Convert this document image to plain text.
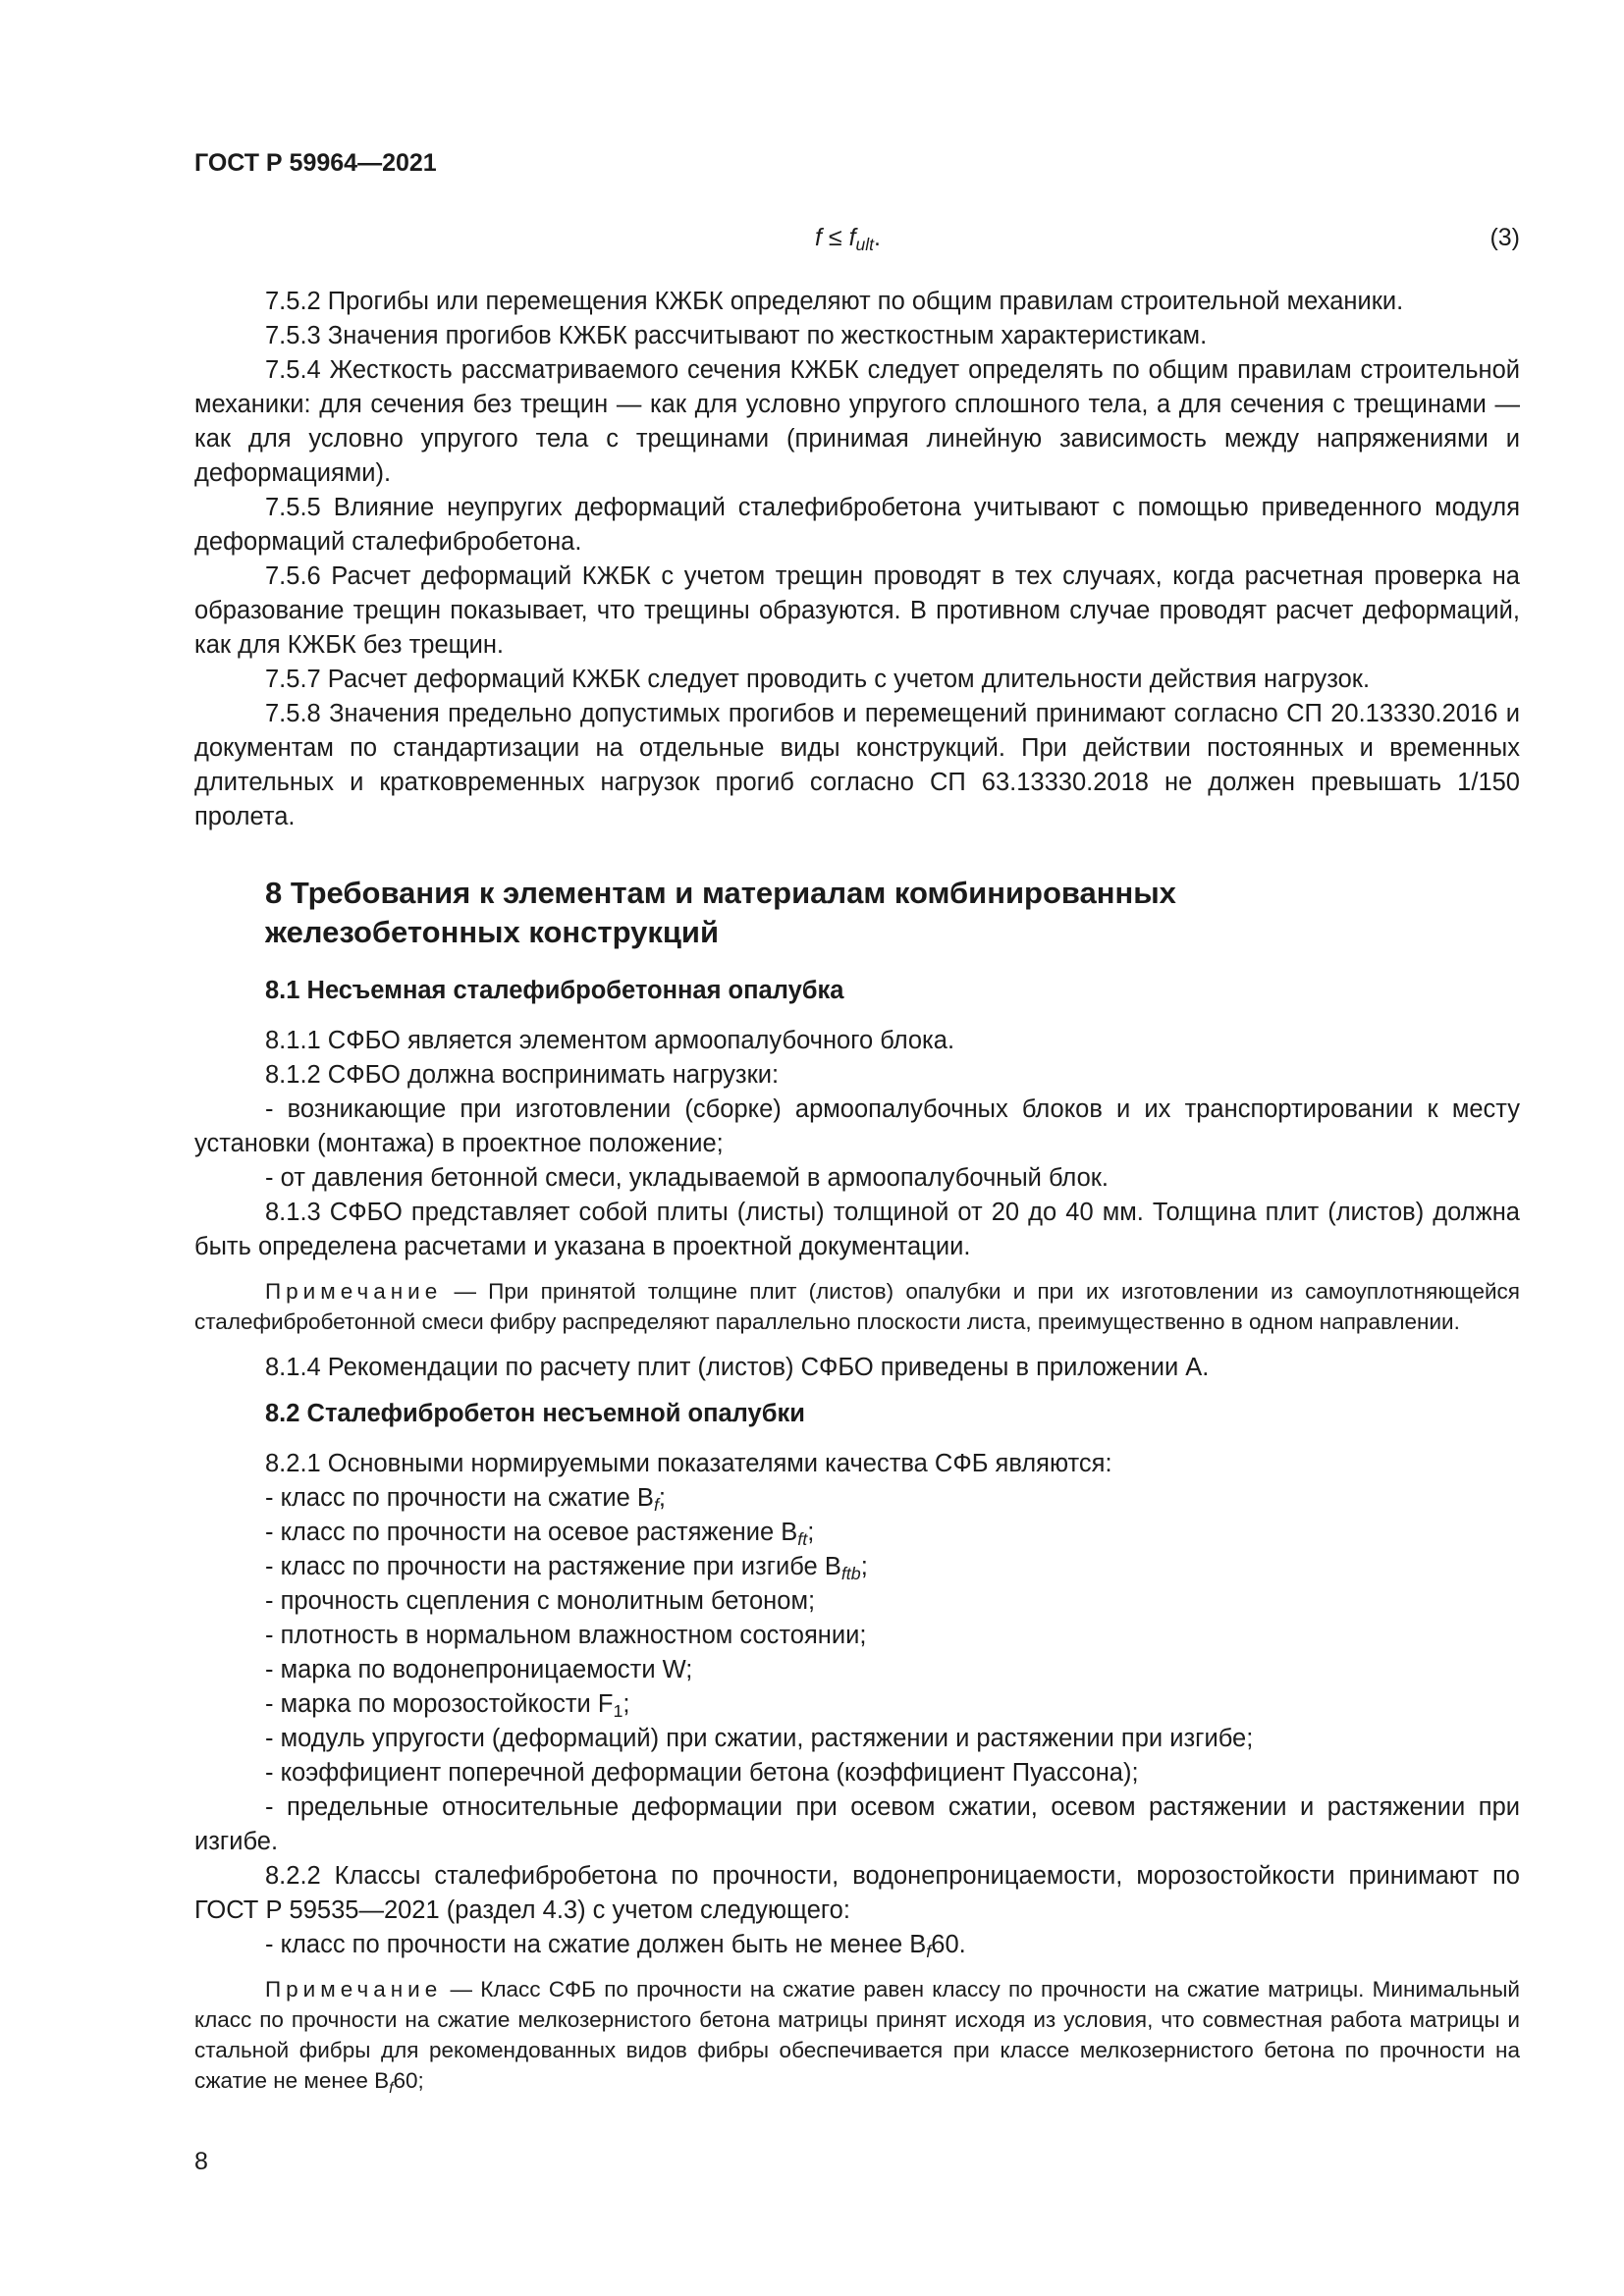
ГОСТ Р 59964—2021

$f \le f_{ult}$.	(3)

7.5.2 Прогибы или перемещения КЖБК определяют по общим правилам строительной механики.

7.5.3 Значения прогибов КЖБК рассчитывают по жесткостным характеристикам.

7.5.4 Жесткость рассматриваемого сечения КЖБК следует определять по общим правилам строительной механики: для сечения без трещин — как для условно упругого сплошного тела, а для сечения с трещинами — как для условно упругого тела с трещинами (принимая линейную зависимость между напряжениями и деформациями).

7.5.5 Влияние неупругих деформаций сталефибробетона учитывают с помощью приведенного модуля деформаций сталефибробетона.

7.5.6 Расчет деформаций КЖБК с учетом трещин проводят в тех случаях, когда расчетная проверка на образование трещин показывает, что трещины образуются. В противном случае проводят расчет деформаций, как для КЖБК без трещин.

7.5.7 Расчет деформаций КЖБК следует проводить с учетом длительности действия нагрузок.

7.5.8 Значения предельно допустимых прогибов и перемещений принимают согласно СП 20.13330.2016 и документам по стандартизации на отдельные виды конструкций. При действии постоянных и временных длительных и кратковременных нагрузок прогиб согласно СП 63.13330.2018 не должен превышать 1/150 пролета.

8 Требования к элементам и материалам комбинированных
железобетонных конструкций
8.1 Несъемная сталефибробетонная опалубка

8.1.1 СФБО является элементом армоопалубочного блока.

8.1.2 СФБО должна воспринимать нагрузки:

- возникающие при изготовлении (сборке) армоопалубочных блоков и их транспортировании к месту установки (монтажа) в проектное положение;

- от давления бетонной смеси, укладываемой в армоопалубочный блок.

8.1.3 СФБО представляет собой плиты (листы) толщиной от 20 до 40 мм. Толщина плит (листов) должна быть определена расчетами и указана в проектной документации.

Примечание — При принятой толщине плит (листов) опалубки и при их изготовлении из самоуплотняющейся сталефибробетонной смеси фибру распределяют параллельно плоскости листа, преимущественно в одном направлении.

8.1.4 Рекомендации по расчету плит (листов) СФБО приведены в приложении А.

8.2 Сталефибробетон несъемной опалубки

8.2.1 Основными нормируемыми показателями качества СФБ являются:

- класс по прочности на сжатие $В_f$;

- класс по прочности на осевое растяжение $В_{ft}$;

- класс по прочности на растяжение при изгибе $В_{ftb}$;

- прочность сцепления с монолитным бетоном;

- плотность в нормальном влажностном состоянии;

- марка по водонепроницаемости W;

- марка по морозостойкости $F_1$;

- модуль упругости (деформаций) при сжатии, растяжении и растяжении при изгибе;

- коэффициент поперечной деформации бетона (коэффициент Пуассона);

- предельные относительные деформации при осевом сжатии, осевом растяжении и растяжении при изгибе.

8.2.2 Классы сталефибробетона по прочности, водонепроницаемости, морозостойкости принимают по ГОСТ Р 59535—2021 (раздел 4.3) с учетом следующего:

- класс по прочности на сжатие должен быть не менее $В_f60$.

Примечание — Класс СФБ по прочности на сжатие равен классу по прочности на сжатие матрицы. Минимальный класс по прочности на сжатие мелкозернистого бетона матрицы принят исходя из условия, что совместная работа матрицы и стальной фибры для рекомендованных видов фибры обеспечивается при классе мелкозернистого бетона по прочности на сжатие не менее $В_f60$;

8
